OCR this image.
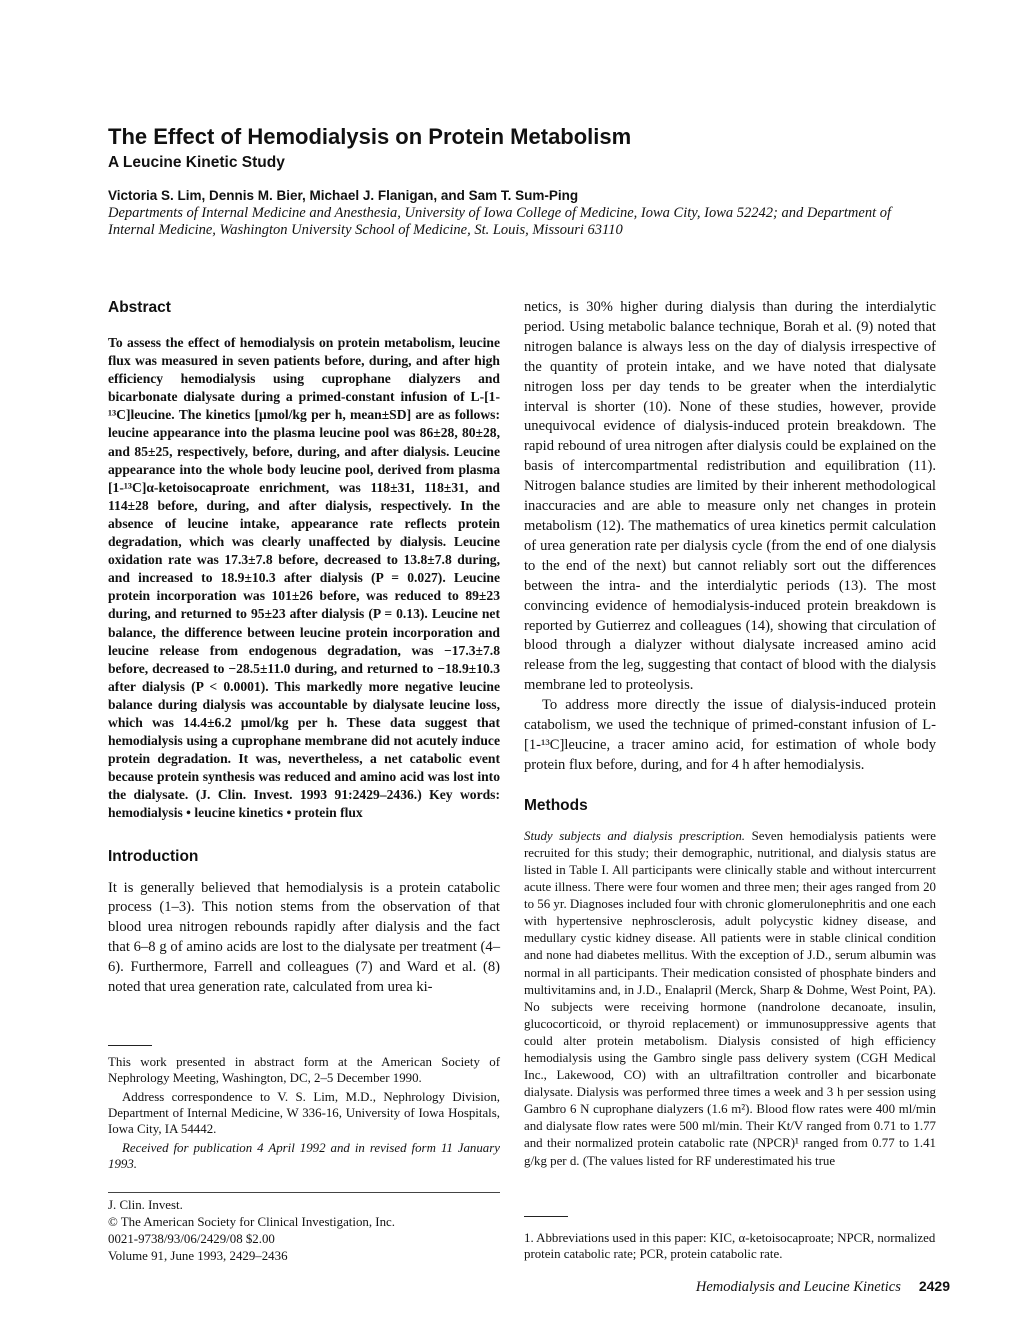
The Effect of Hemodialysis on Protein Metabolism
A Leucine Kinetic Study
Victoria S. Lim, Dennis M. Bier, Michael J. Flanigan, and Sam T. Sum-Ping
Departments of Internal Medicine and Anesthesia, University of Iowa College of Medicine, Iowa City, Iowa 52242; and Department of Internal Medicine, Washington University School of Medicine, St. Louis, Missouri 63110
Abstract

To assess the effect of hemodialysis on protein metabolism, leucine flux was measured in seven patients before, during, and after high efficiency hemodialysis using cuprophane dialyzers and bicarbonate dialysate during a primed-constant infusion of L-[1-¹³C]leucine. The kinetics [μmol/kg per h, mean±SD] are as follows: leucine appearance into the plasma leucine pool was 86±28, 80±28, and 85±25, respectively, before, during, and after dialysis. Leucine appearance into the whole body leucine pool, derived from plasma [1-¹³C]α-ketoisocaproate enrichment, was 118±31, 118±31, and 114±28 before, during, and after dialysis, respectively. In the absence of leucine intake, appearance rate reflects protein degradation, which was clearly unaffected by dialysis. Leucine oxidation rate was 17.3±7.8 before, decreased to 13.8±7.8 during, and increased to 18.9±10.3 after dialysis (P = 0.027). Leucine protein incorporation was 101±26 before, was reduced to 89±23 during, and returned to 95±23 after dialysis (P = 0.13). Leucine net balance, the difference between leucine protein incorporation and leucine release from endogenous degradation, was −17.3±7.8 before, decreased to −28.5±11.0 during, and returned to −18.9±10.3 after dialysis (P < 0.0001). This markedly more negative leucine balance during dialysis was accountable by dialysate leucine loss, which was 14.4±6.2 μmol/kg per h. These data suggest that hemodialysis using a cuprophane membrane did not acutely induce protein degradation. It was, nevertheless, a net catabolic event because protein synthesis was reduced and amino acid was lost into the dialysate. (J. Clin. Invest. 1993 91:2429–2436.) Key words: hemodialysis • leucine kinetics • protein flux

Introduction

It is generally believed that hemodialysis is a protein catabolic process (1–3). This notion stems from the observation of that blood urea nitrogen rebounds rapidly after dialysis and the fact that 6–8 g of amino acids are lost to the dialysate per treatment (4–6). Furthermore, Farrell and colleagues (7) and Ward et al. (8) noted that urea generation rate, calculated from urea ki-

This work presented in abstract form at the American Society of Nephrology Meeting, Washington, DC, 2–5 December 1990.

Address correspondence to V. S. Lim, M.D., Nephrology Division, Department of Internal Medicine, W 336-16, University of Iowa Hospitals, Iowa City, IA 54442.

Received for publication 4 April 1992 and in revised form 11 January 1993.

J. Clin. Invest.
© The American Society for Clinical Investigation, Inc.
0021-9738/93/06/2429/08 $2.00
Volume 91, June 1993, 2429–2436

netics, is 30% higher during dialysis than during the interdialytic period. Using metabolic balance technique, Borah et al. (9) noted that nitrogen balance is always less on the day of dialysis irrespective of the quantity of protein intake, and we have noted that dialysate nitrogen loss per day tends to be greater when the interdialytic interval is shorter (10). None of these studies, however, provide unequivocal evidence of dialysis-induced protein breakdown. The rapid rebound of urea nitrogen after dialysis could be explained on the basis of intercompartmental redistribution and equilibration (11). Nitrogen balance studies are limited by their inherent methodological inaccuracies and are able to measure only net changes in protein metabolism (12). The mathematics of urea kinetics permit calculation of urea generation rate per dialysis cycle (from the end of one dialysis to the end of the next) but cannot reliably sort out the differences between the intra- and the interdialytic periods (13). The most convincing evidence of hemodialysis-induced protein breakdown is reported by Gutierrez and colleagues (14), showing that circulation of blood through a dialyzer without dialysate increased amino acid release from the leg, suggesting that contact of blood with the dialysis membrane led to proteolysis.

To address more directly the issue of dialysis-induced protein catabolism, we used the technique of primed-constant infusion of L-[1-¹³C]leucine, a tracer amino acid, for estimation of whole body protein flux before, during, and for 4 h after hemodialysis.

Methods

Study subjects and dialysis prescription. Seven hemodialysis patients were recruited for this study; their demographic, nutritional, and dialysis status are listed in Table I. All participants were clinically stable and without intercurrent acute illness. There were four women and three men; their ages ranged from 20 to 56 yr. Diagnoses included four with chronic glomerulonephritis and one each with hypertensive nephrosclerosis, adult polycystic kidney disease, and medullary cystic kidney disease. All patients were in stable clinical condition and none had diabetes mellitus. With the exception of J.D., serum albumin was normal in all participants. Their medication consisted of phosphate binders and multivitamins and, in J.D., Enalapril (Merck, Sharp & Dohme, West Point, PA). No subjects were receiving hormone (nandrolone decanoate, insulin, glucocorticoid, or thyroid replacement) or immunosuppressive agents that could alter protein metabolism. Dialysis consisted of high efficiency hemodialysis using the Gambro single pass delivery system (CGH Medical Inc., Lakewood, CO) with an ultrafiltration controller and bicarbonate dialysate. Dialysis was performed three times a week and 3 h per session using Gambro 6 N cuprophane dialyzers (1.6 m²). Blood flow rates were 400 ml/min and dialysate flow rates were 500 ml/min. Their Kt/V ranged from 0.71 to 1.77 and their normalized protein catabolic rate (NPCR)¹ ranged from 0.77 to 1.41 g/kg per d. (The values listed for RF underestimated his true

1. Abbreviations used in this paper: KIC, α-ketoisocaproate; NPCR, normalized protein catabolic rate; PCR, protein catabolic rate.
Hemodialysis and Leucine Kinetics 2429
